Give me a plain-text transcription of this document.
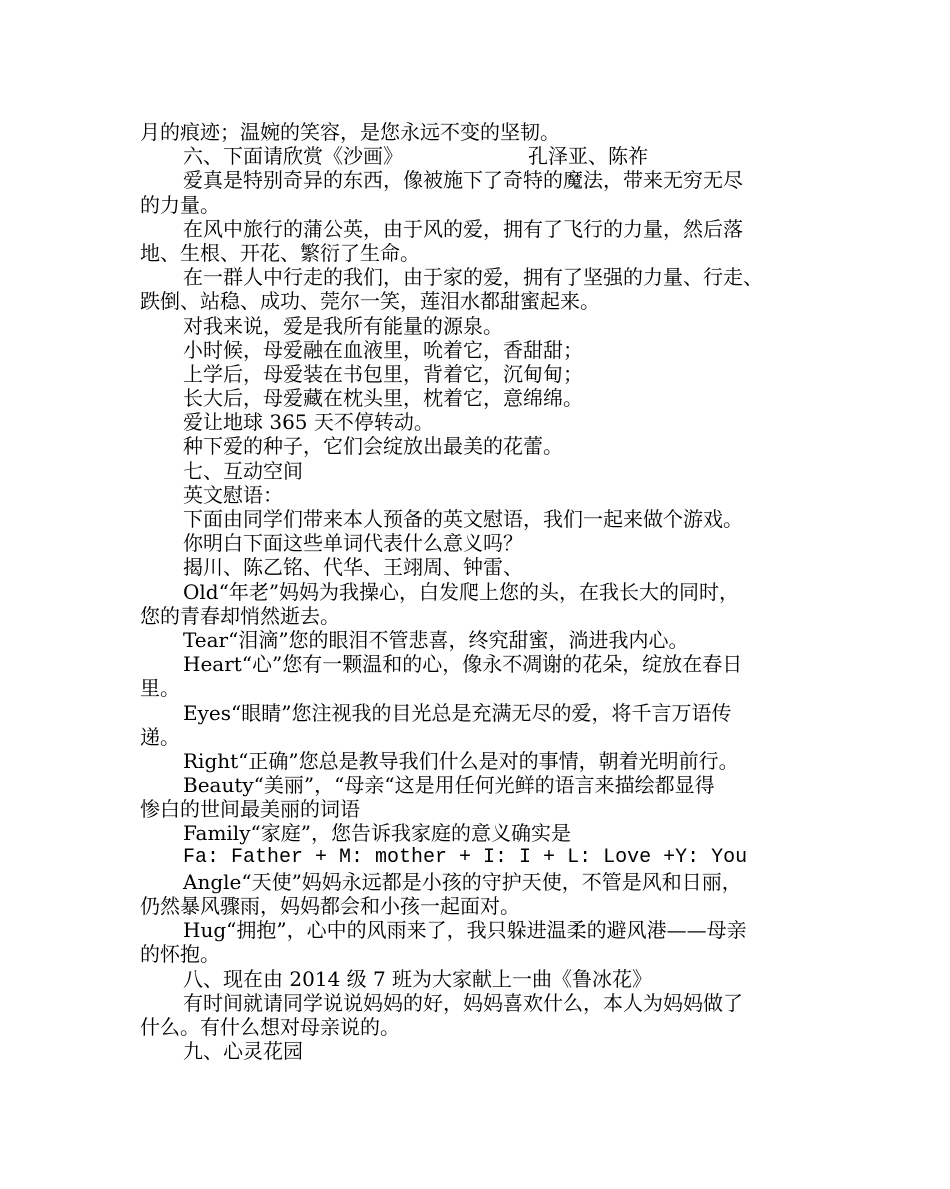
月的痕迹；温婉的笑容，是您永远不变的坚韧。
六、下面请欣赏《沙画》	孔泽亚、陈祚
爱真是特别奇异的东西，像被施下了奇特的魔法，带来无穷无尽
的力量。
在风中旅行的蒲公英，由于风的爱，拥有了飞行的力量，然后落
地、生根、开花、繁衍了生命。
在一群人中行走的我们，由于家的爱，拥有了坚强的力量、行走、
跌倒、站稳、成功、莞尔一笑，莲泪水都甜蜜起来。
对我来说，爱是我所有能量的源泉。
小时候，母爱融在血液里，吮着它，香甜甜；
上学后，母爱装在书包里，背着它，沉甸甸；
长大后，母爱藏在枕头里，枕着它，意绵绵。
爱让地球 365 天不停转动。
种下爱的种子，它们会绽放出最美的花蕾。
七、互动空间
英文慰语：
下面由同学们带来本人预备的英文慰语，我们一起来做个游戏。
你明白下面这些单词代表什么意义吗？
揭川、陈乙铭、代华、王翊周、钟雷、
Old“年老”妈妈为我操心，白发爬上您的头，在我长大的同时，
您的青春却悄然逝去。
Tear“泪滴”您的眼泪不管悲喜，终究甜蜜，淌进我内心。
Heart“心”您有一颗温和的心，像永不凋谢的花朵，绽放在春日
里。
Eyes“眼睛”您注视我的目光总是充满无尽的爱，将千言万语传
递。
Right“正确”您总是教导我们什么是对的事情，朝着光明前行。
Beauty“美丽”，“母亲“这是用任何光鲜的语言来描绘都显得
惨白的世间最美丽的词语
Family“家庭”，您告诉我家庭的意义确实是
Fa: Father + M: mother + I: I + L: Love +Y: You
Angle“天使”妈妈永远都是小孩的守护天使，不管是风和日丽，
仍然暴风骤雨，妈妈都会和小孩一起面对。
Hug“拥抱”，心中的风雨来了，我只躲进温柔的避风港——母亲
的怀抱。
八、现在由 2014 级 7 班为大家献上一曲《鲁冰花》
有时间就请同学说说妈妈的好，妈妈喜欢什么，本人为妈妈做了
什么。有什么想对母亲说的。
九、心灵花园
